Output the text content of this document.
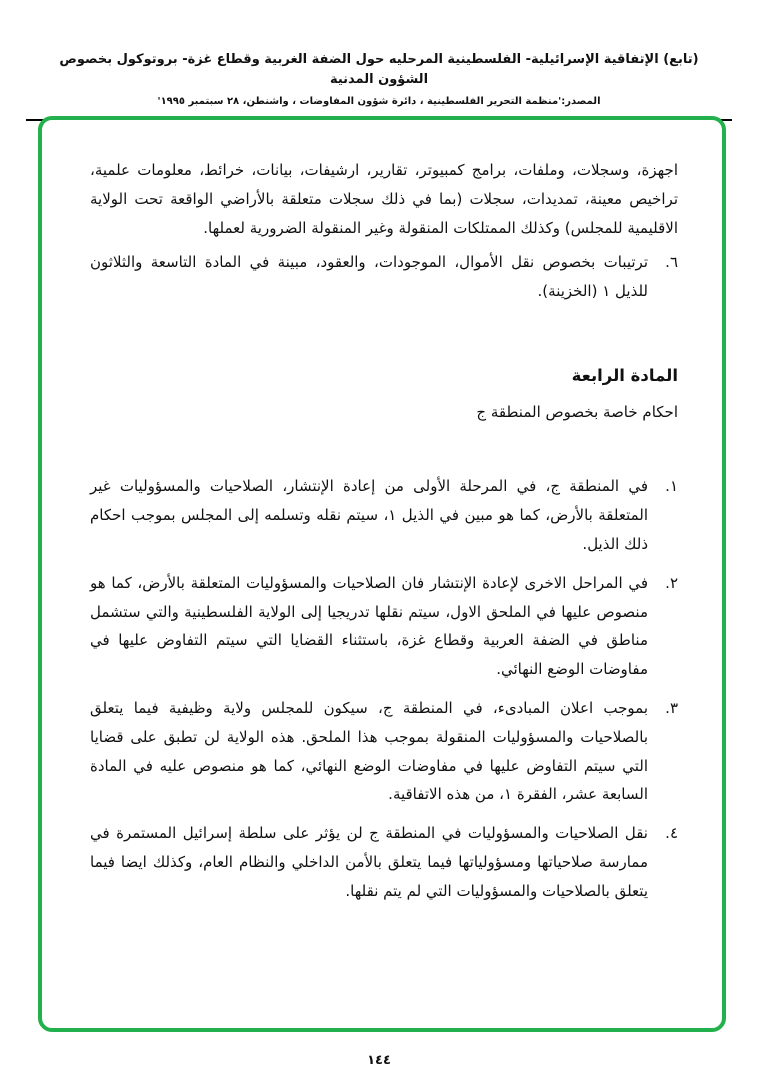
(تابع) الإتفاقية الإسرائيلية- الفلسطينية المرحليه حول الضفة الغربية وقطاع غزة- بروتوكول بخصوص الشؤون المدنية
المصدر:'منظمة التحرير الفلسطينية ، دائرة شؤون المفاوضات ، واشنطن، ٢٨ سبتمبر ١٩٩٥'

اجهزة، وسجلات، وملفات، برامج كمبيوتر، تقارير، ارشيفات، بيانات، خرائط، معلومات علمية، تراخيص معينة، تمديدات، سجلات (بما في ذلك سجلات متعلقة بالأراضي الواقعة تحت الولاية الاقليمية للمجلس) وكذلك الممتلكات المنقولة وغير المنقولة الضرورية لعملها.

٦.
ترتيبات بخصوص نقل الأموال، الموجودات، والعقود، مبينة في المادة التاسعة والثلاثون للذيل ١ (الخزينة).
المادة الرابعة
احكام خاصة بخصوص المنطقة ج
١.
في المنطقة ج، في المرحلة الأولى من إعادة الإنتشار، الصلاحيات والمسؤوليات غير المتعلقة بالأرض، كما هو مبين في الذيل ١، سيتم نقله وتسلمه إلى المجلس بموجب احكام ذلك الذيل.
٢.
في المراحل الاخرى لإعادة الإنتشار فان الصلاحيات والمسؤوليات المتعلقة بالأرض، كما هو منصوص عليها في الملحق الاول، سيتم نقلها تدريجيا إلى الولاية الفلسطينية والتي ستشمل مناطق في الضفة العربية وقطاع غزة، باستثناء القضايا التي سيتم التفاوض عليها في مفاوضات الوضع النهائي.
٣.
بموجب اعلان المبادىء، في المنطقة ج، سيكون للمجلس ولاية وظيفية فيما يتعلق بالصلاحيات والمسؤوليات المنقولة بموجب هذا الملحق. هذه الولاية لن تطبق على قضايا التي سيتم التفاوض عليها في مفاوضات الوضع النهائي، كما هو منصوص عليه في المادة السابعة عشر، الفقرة ١، من هذه الاتفاقية.
٤.
نقل الصلاحيات والمسؤوليات في المنطقة ج لن يؤثر على سلطة إسرائيل المستمرة في ممارسة صلاحياتها ومسؤولياتها فيما يتعلق بالأمن الداخلي والنظام العام، وكذلك ايضا فيما يتعلق بالصلاحيات والمسؤوليات التي لم يتم نقلها.
١٤٤
